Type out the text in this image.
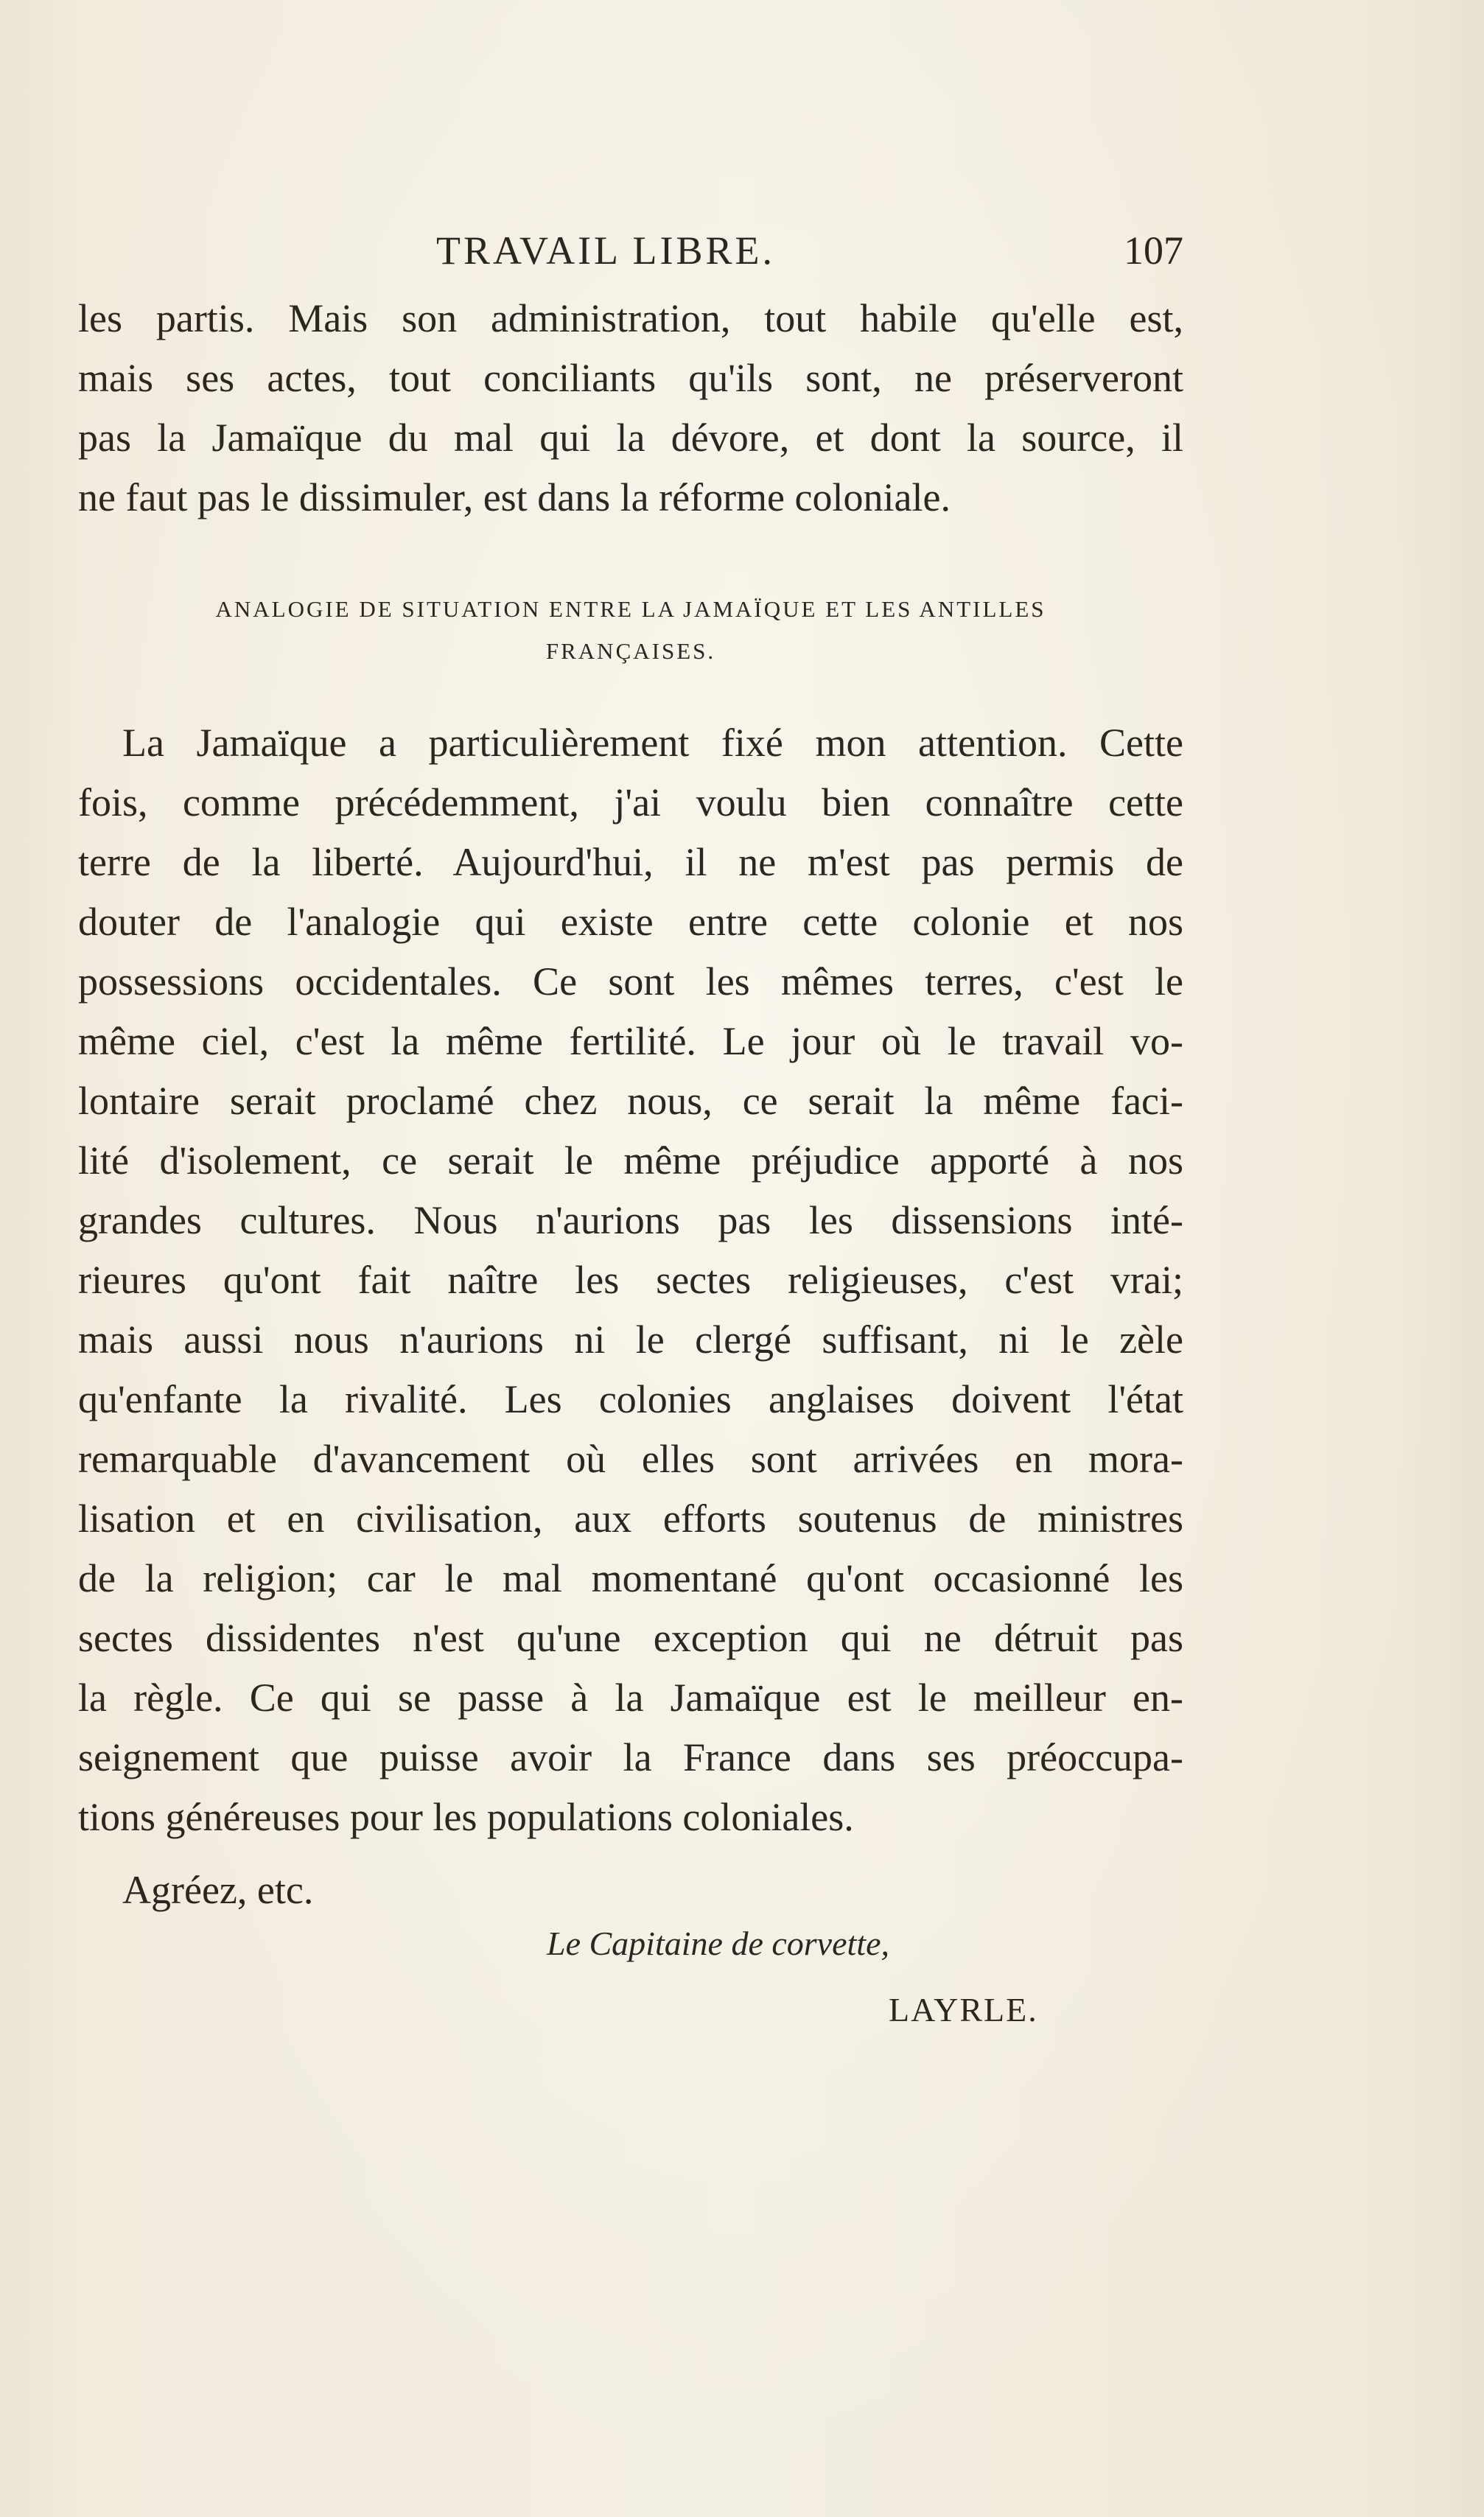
TRAVAIL LIBRE.	107
les partis. Mais son administration, tout habile qu'elle est,
mais ses actes, tout conciliants qu'ils sont, ne préserveront
pas la Jamaïque du mal qui la dévore, et dont la source, il
ne faut pas le dissimuler, est dans la réforme coloniale.
ANALOGIE DE SITUATION ENTRE LA JAMAÏQUE ET LES ANTILLES
FRANÇAISES.
La Jamaïque a particulièrement fixé mon attention. Cette
fois, comme précédemment, j'ai voulu bien connaître cette
terre de la liberté. Aujourd'hui, il ne m'est pas permis de
douter de l'analogie qui existe entre cette colonie et nos
possessions occidentales. Ce sont les mêmes terres, c'est le
même ciel, c'est la même fertilité. Le jour où le travail vo-
lontaire serait proclamé chez nous, ce serait la même faci-
lité d'isolement, ce serait le même préjudice apporté à nos
grandes cultures. Nous n'aurions pas les dissensions inté-
rieures qu'ont fait naître les sectes religieuses, c'est vrai;
mais aussi nous n'aurions ni le clergé suffisant, ni le zèle
qu'enfante la rivalité. Les colonies anglaises doivent l'état
remarquable d'avancement où elles sont arrivées en mora-
lisation et en civilisation, aux efforts soutenus de ministres
de la religion; car le mal momentané qu'ont occasionné les
sectes dissidentes n'est qu'une exception qui ne détruit pas
la règle. Ce qui se passe à la Jamaïque est le meilleur en-
seignement que puisse avoir la France dans ses préoccupa-
tions généreuses pour les populations coloniales.
Agréez, etc.
Le Capitaine de corvette,
LAYRLE.
